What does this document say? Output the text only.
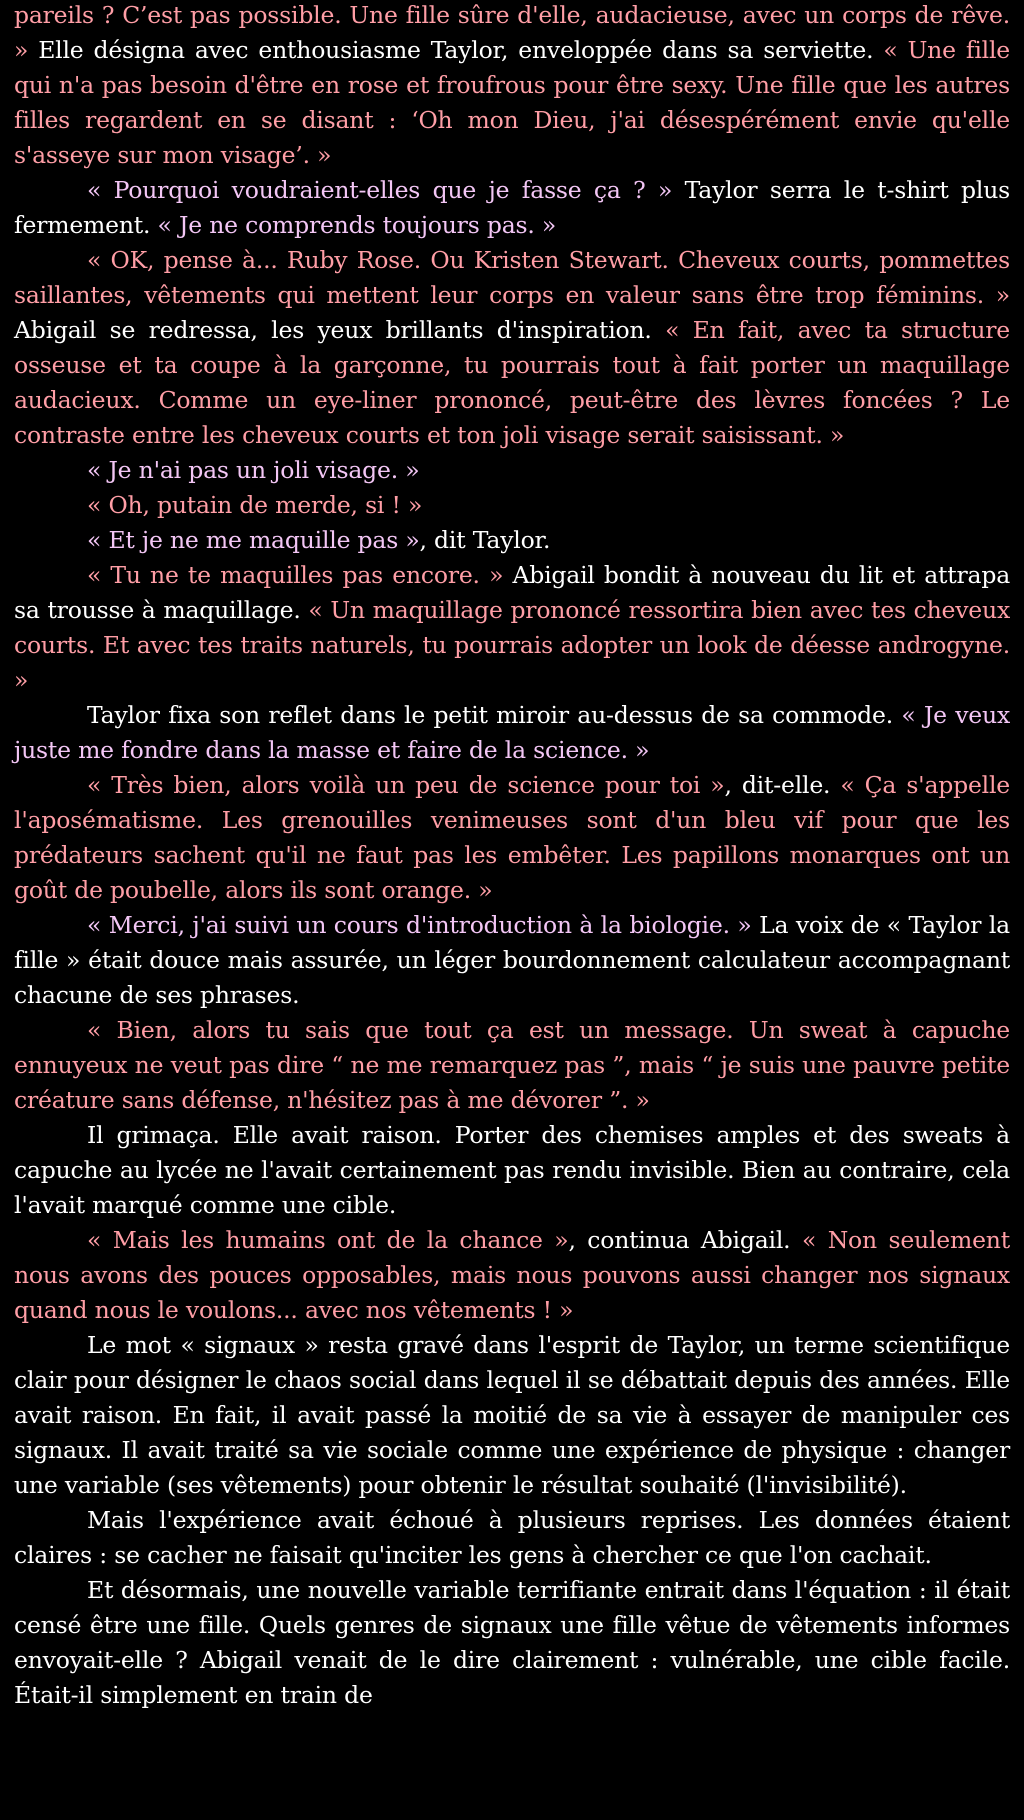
pareils ? C’est pas possible. Une fille sûre d'elle, audacieuse, avec un corps de rêve. » Elle désigna avec enthousiasme Taylor, enveloppée dans sa serviette. « Une fille qui n'a pas besoin d'être en rose et froufrous pour être sexy. Une fille que les autres filles regardent en se disant : ‘Oh mon Dieu, j'ai désespérément envie qu'elle s'asseye sur mon visage’. »

« Pourquoi voudraient-elles que je fasse ça ? » Taylor serra le t-shirt plus fermement. « Je ne comprends toujours pas. »

« OK, pense à... Ruby Rose. Ou Kristen Stewart. Cheveux courts, pommettes saillantes, vêtements qui mettent leur corps en valeur sans être trop féminins. » Abigail se redressa, les yeux brillants d'inspiration. « En fait, avec ta structure osseuse et ta coupe à la garçonne, tu pourrais tout à fait porter un maquillage audacieux. Comme un eye-liner prononcé, peut-être des lèvres foncées ? Le contraste entre les cheveux courts et ton joli visage serait saisissant. »

« Je n'ai pas un joli visage. »

« Oh, putain de merde, si ! »

« Et je ne me maquille pas », dit Taylor.

« Tu ne te maquilles pas encore. » Abigail bondit à nouveau du lit et attrapa sa trousse à maquillage. « Un maquillage prononcé ressortira bien avec tes cheveux courts. Et avec tes traits naturels, tu pourrais adopter un look de déesse androgyne. »

Taylor fixa son reflet dans le petit miroir au-dessus de sa commode. « Je veux juste me fondre dans la masse et faire de la science. »

« Très bien, alors voilà un peu de science pour toi », dit-elle. « Ça s'appelle l'aposématisme. Les grenouilles venimeuses sont d'un bleu vif pour que les prédateurs sachent qu'il ne faut pas les embêter. Les papillons monarques ont un goût de poubelle, alors ils sont orange. »

« Merci, j'ai suivi un cours d'introduction à la biologie. » La voix de « Taylor la fille » était douce mais assurée, un léger bourdonnement calculateur accompagnant chacune de ses phrases.

« Bien, alors tu sais que tout ça est un message. Un sweat à capuche ennuyeux ne veut pas dire “ ne me remarquez pas ”, mais “ je suis une pauvre petite créature sans défense, n'hésitez pas à me dévorer ”. »

Il grimaça. Elle avait raison. Porter des chemises amples et des sweats à capuche au lycée ne l'avait certainement pas rendu invisible. Bien au contraire, cela l'avait marqué comme une cible.

« Mais les humains ont de la chance », continua Abigail. « Non seulement nous avons des pouces opposables, mais nous pouvons aussi changer nos signaux quand nous le voulons... avec nos vêtements ! »

Le mot « signaux » resta gravé dans l'esprit de Taylor, un terme scientifique clair pour désigner le chaos social dans lequel il se débattait depuis des années. Elle avait raison. En fait, il avait passé la moitié de sa vie à essayer de manipuler ces signaux. Il avait traité sa vie sociale comme une expérience de physique : changer une variable (ses vêtements) pour obtenir le résultat souhaité (l'invisibilité).

Mais l'expérience avait échoué à plusieurs reprises. Les données étaient claires : se cacher ne faisait qu'inciter les gens à chercher ce que l'on cachait.

Et désormais, une nouvelle variable terrifiante entrait dans l'équation : il était censé être une fille. Quels genres de signaux une fille vêtue de vêtements informes envoyait-elle ? Abigail venait de le dire clairement : vulnérable, une cible facile. Était-il simplement en train de
